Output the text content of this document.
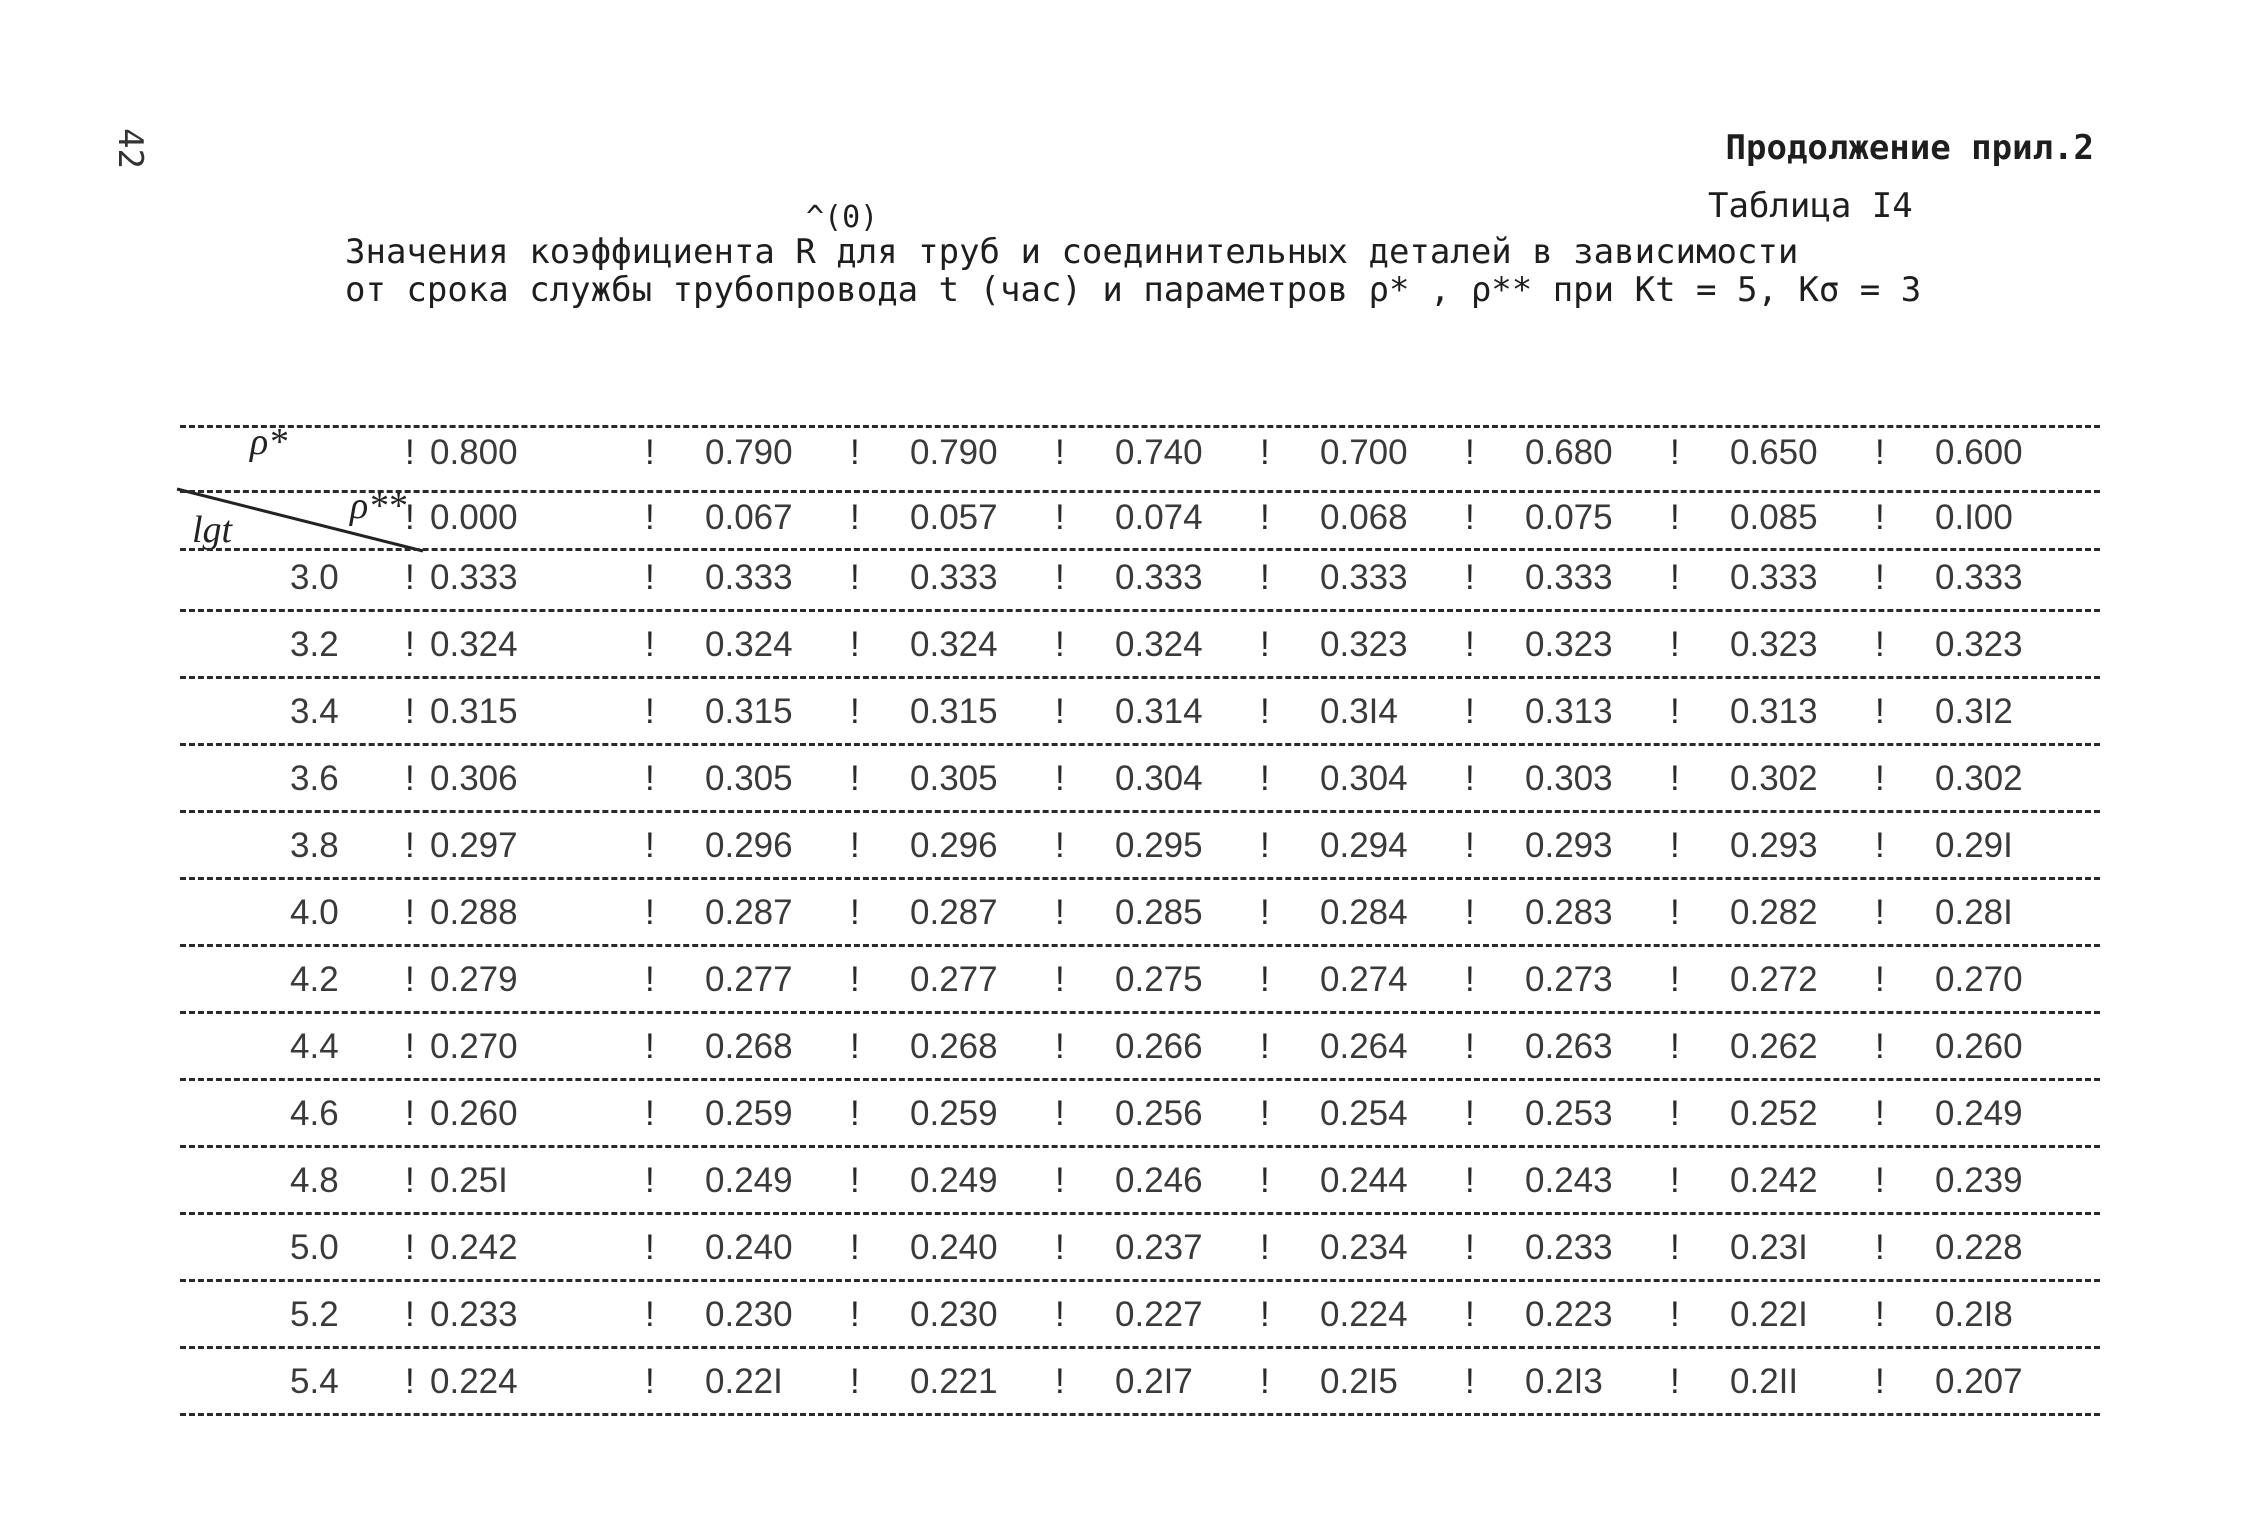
42	Продолжение прил.2
Таблица I4
^(0)
Значения коэффициента R для труб и соединительных деталей в зависимости
от срока службы трубопровода t (час) и параметров ρ* , ρ** при Kt = 5, Kσ = 3
ρ*
ρ**
lgt
! 0.800	! 0.790 ! 0.790 ! 0.740 ! 0.700 ! 0.680 ! 0.650 ! 0.600
! 0.000	! 0.067 ! 0.057 ! 0.074 ! 0.068 ! 0.075 ! 0.085 ! 0.I00
3.0 ! 0.333	! 0.333 ! 0.333 ! 0.333 ! 0.333 ! 0.333 ! 0.333 ! 0.333
3.2 ! 0.324	! 0.324 ! 0.324 ! 0.324 ! 0.323 ! 0.323 ! 0.323 ! 0.323
3.4 ! 0.315	! 0.315 ! 0.315 ! 0.314 ! 0.3I4 ! 0.313 ! 0.313 ! 0.3I2
3.6 ! 0.306	! 0.305 ! 0.305 ! 0.304 ! 0.304 ! 0.303 ! 0.302 ! 0.302
3.8 ! 0.297	! 0.296 ! 0.296 ! 0.295 ! 0.294 ! 0.293 ! 0.293 ! 0.29I
4.0 ! 0.288	! 0.287 ! 0.287 ! 0.285 ! 0.284 ! 0.283 ! 0.282 ! 0.28I
4.2 ! 0.279	! 0.277 ! 0.277 ! 0.275 ! 0.274 ! 0.273 ! 0.272 ! 0.270
4.4 ! 0.270	! 0.268 ! 0.268 ! 0.266 ! 0.264 ! 0.263 ! 0.262 ! 0.260
4.6 ! 0.260	! 0.259 ! 0.259 ! 0.256 ! 0.254 ! 0.253 ! 0.252 ! 0.249
4.8 ! 0.25I	! 0.249 ! 0.249 ! 0.246 ! 0.244 ! 0.243 ! 0.242 ! 0.239
5.0 ! 0.242	! 0.240 ! 0.240 ! 0.237 ! 0.234 ! 0.233 ! 0.23I ! 0.228
5.2 ! 0.233	! 0.230 ! 0.230 ! 0.227 ! 0.224 ! 0.223 ! 0.22I ! 0.2I8
5.4 ! 0.224	! 0.22I ! 0.221 ! 0.2I7 ! 0.2I5 ! 0.2I3 ! 0.2II ! 0.207
